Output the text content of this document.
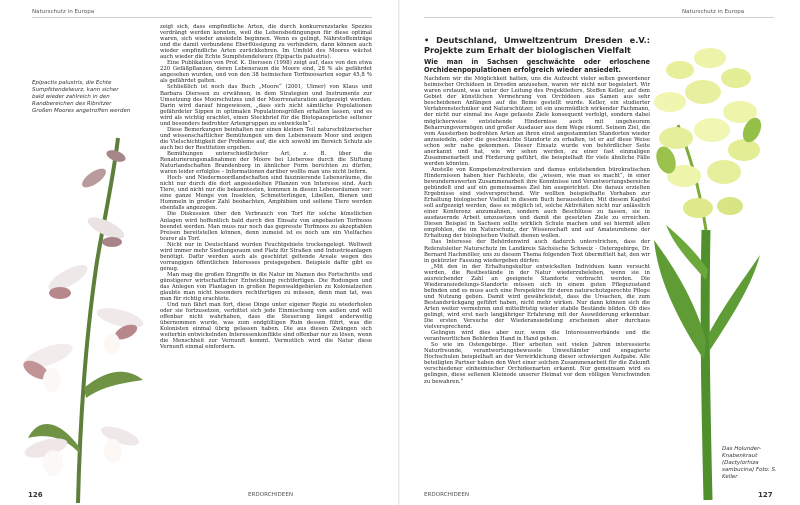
Naturschutz in Europa
Epipactis palustris, die Echte Sumpfstendelwurz, kann sicher bald wieder zahlreich in den Randbereichen des Ribnitzer Großen Moores angetroffen werden

zeigt sich, dass empfindliche Arten, die durch konkurrenzstarke Spezies verdrängt werden konnten, weil die Lebensbedingungen für diese optimal waren, sich wieder ansiedeln beginnen. Wenn es gelingt, Nährstoffeinträge und die damit verbundene Eberflüssigung zu verhindern, dann können auch wieder empfindliche Arten zurückkehren. Im Umfeld des Moores wächst auch wieder die Echte Sumpfstendelwurz (Epipactis palustris).

Eine Publikation von Prof. K. Dierssen (1998) zeigt auf, dass von den etwa 220 Gefäßpflanzen, deren Lebensraum die Moore sind, 28 % als gefährdet angesehen wurden, und von den 38 heimischen Torfmoosarten sogar 45,8 % als gefährdet galten.

Schließlich ist noch das Buch „Moore“ (2001, Ulmer) von Klaus und Barbara Dierssen zu erwähnen, in dem Strategien und Instrumente zur Umsetzung des Moorschutzes und der Moorrenaturation aufgezeigt werden. Darin wird darauf hingewiesen, „dass sich nicht sämtliche Populationen gefährdeter Sippen in optimalen Populationsgrößen erhalten lassen, und es wird als wichtig erachtet, einen Steckbrief für die Biotopansprüche seltener und besonders bedrohter Artengruppen zu entwickeln“.

Diese Bemerkungen beinhalten nur einen kleinen Teil naturschützerischer und wissenschaftlicher Bemühungen um den Lebensraum Moor und zeigen die Vielschichtigkeit der Probleme auf, die sich sowohl im Bereich Schutz als auch bei der Restitution ergeben.

Bemühungen unterschiedlichster Art, z. B. über die Renaturierungsmaßnahmen der Moore bei Lieberose durch die Stiftung Naturlandschaften Brandenburg in ähnlicher Form berichten zu dürfen, waren leider erfolglos – Informationen darüber wollte man uns nicht liefern.

Hoch- und Niedermoordlandschaften sind faszinierende Lebensräume, die nicht nur durch die dort angesiedelten Pflanzen von Interesse sind. Auch Tiere, und nicht nur die bekanntesten, kommen in diesen Lebensräumen vor: eine ganze Menge von Insekten, Schmetterlingen, Libellen, Bienen und Hummeln in großer Zahl beobachten, Amphibien und seltene Tiere werden ebenfalls angezogen.

Die Diskussion über den Verbrauch von Torf für solche künstlichen Anlagen wird hoffentlich bald durch den Einsatz von angebauten Torfmoos beendet werden. Man muss nur noch das gepresste Torfmoos zu akzeptablen Preisen bereitstellen können, denn zumeist ist es noch um ein Vielfaches teurer als Torf.

Nicht nur in Deutschland wurden Feuchtgebiete trockengelegt. Weltweit wird immer mehr Siedlungsraum und Platz für Straßen und Industrieanlagen benötigt. Dafür werden auch als geschützt geltende Areale wegen des vorrangigen öffentlichen Interesses preisgegeben. Beispiele dafür gibt es genug.

Man mag die großen Eingriffe in die Natur im Namen des Fortschritts und günstigerer wirtschaftlicher Entwicklung rechtfertigen. Die Rodungen und das Anlegen von Plantagen in großen Regenwaldgebieten zu Kolonialzeiten glaubte man nicht besonders rechtfertigen zu müssen, denn man tat, was man für richtig erachtete.

Und nun fährt man fort, diese Dinge unter eigener Regie zu wiederholen oder sie fortzusetzen, verbittet sich jede Einmischung von außen und will offenbar nicht wahrhaben, dass die Steuerung längst anderweitig übernommen wurde, was zum endgültigen Ruin dessen führt, was die Kolonisten einmal übrig gelassen haben. Die aus diesen Zwängen sich weiterhin entwickelnden Interessenkonflikte sind offenbar nur zu lösen, wenn die Menschheit zur Vernunft kommt. Vermutlich wird die Natur diese Vernunft einmal einfordern.

126	ERDORCHIDEEN
Naturschutz in Europa
• Deutschland, Umweltzentrum Dresden e.V.: Projekte zum Erhalt der biologischen Vielfalt
Wie man in Sachsen geschwächte oder erloschene Orchideenpopulationen erfolgreich wieder ansiedelt.

Nachdem wir die Möglichkeit hatten, uns die Aufzucht vieler selten gewordener heimischer Orchideen in Dresden anzusehen, waren wir nicht nur begeistert. Wir waren erstaunt, was unter der Leitung des Projektleiters, Steffen Keller, auf dem Gebiet der künstlichen Vermehrung von Orchideen aus Samen aus sehr bescheidenen Anfängen auf die Beine gestellt wurde. Keller, ein studierter Verfahrenstechniker und Naturschützer, ist ein unermüdlich wirkender Fachmann, der nicht nur einmal ins Auge gefasste Ziele konsequent verfolgt, sondern dabei möglicherweise entstehende Hindernisse auch mit ungeheurem Beharrungsvermögen und großer Ausdauer aus dem Wege räumt. Seinem Ziel, die vom Aussterben bedrohten Arten an ihren einst angestammten Standorten wieder anzusiedeln, oder die geschwächte Standorte zu erhalten, ist er auf diese Weise schon sehr nahe gekommen. Dieser Einsatz wurde von behördlicher Seite anerkannt und hat, wie wir sehen werden, zu einer fast einmaligen Zusammenarbeit und Förderung geführt, die beispielhaft für viele ähnliche Fälle werden könnten.

Anstelle von Kompetenzstreitereien und damus entstehenden bürokratischen Hindernissen haben hier Fachleute, die „wissen, wie man es macht“, in einer bewundernswerten Zusammenarbeit ihre Kenntnisse und Verantwortungsbereiche gebündelt und auf ein gemeinsames Ziel hin ausgerichtet. Die daraus erzielten Ergebnisse sind vielversprechend. Wir wollten beispielhafte Vorhaben zur Erhaltung biologischer Vielfalt in diesem Buch herausstellen. Mit diesem Kapitel soll aufgezeigt werden, dass es möglich ist, solche Aktivitäten nicht nur anlässlich einer Konferenz anzumahnen, sondern auch Beschlüsse zu fassen, sie in ausdauernde Arbeit umzusetzen und damit die gesetzten Ziele zu erreichen. Diesen Beispiel in Sachsen sollte wirklich Schule machen und sei hiermit allen empfohlen, die im Naturschutz, der Wissenschaft und auf Amateurebene der Erhaltung der biologischen Vielfalt dienen wollen.

Das Interesse der Behördenwird auch dadurch unterstrichen, dass der Referatsleiter Naturschutz im Landkreis Sächsische Schweiz - Osterzgebirge, Dr. Bernard Hachmöller, uns zu diesem Thema folgenden Text übermittelt hat, den wir in gekürzter Fassung wiedergeben dürfen:

„Mit den in der Erhaltungskultur entwickelten Individuen kann versucht werden, die Restbestände in der Natur wiederzubeleben, wenn sie in ausreichender Zahl an geeignete Standorte verbracht werden. Die Wiederansiedelungs-Standorte müssen sich in einem guten Pflegezustand befinden und es muss auch eine Perspektive für deren naturschutzgerechte Pflege und Nutzung geben. Damit wird gewährleistet, dass die Ursachen, die zum Bestandsrückgang geführt haben, nicht mehr wirken. Nur dann können sich die Arten weiter vermehren und mittelfristig wieder stabile Bestände bilden. Ob dies gelingt, wird erst nach langjähriger Erfahrung mit der Auswilderung erkennbar. Die ersten Versuche der Wiederansiedelung erscheinen aber durchaus vielversprechend.

Gelingen wird dies aber nur, wenn die Interessenverbände und die verantwortlichen Behörden Hand in Hand gehen.

So wie im Ostengebirge. Hier arbeiten seit vielen Jahren interessierte Naturfreunde, verantwortungsbewusste Umweltämter und engagierte Hochschulen beispielhaft an der Verwirklichung dieser schwierigen Aufgabe. Alle beteiligten Partner haben den Wert einer solchen Zusammenarbeit für die Zukunft verschiedener einheimischer Orchideenarten erkannt. Nur gemeinsam wird es gelingen, diese seltenen Kleinode unserer Heimat vor dem völligen Verschwinden zu bewahren.“

Das Holunder-Knabenkraut (Dactylorhiza sambucina) Foto: S. Keller
ERDORCHIDEEN	127
